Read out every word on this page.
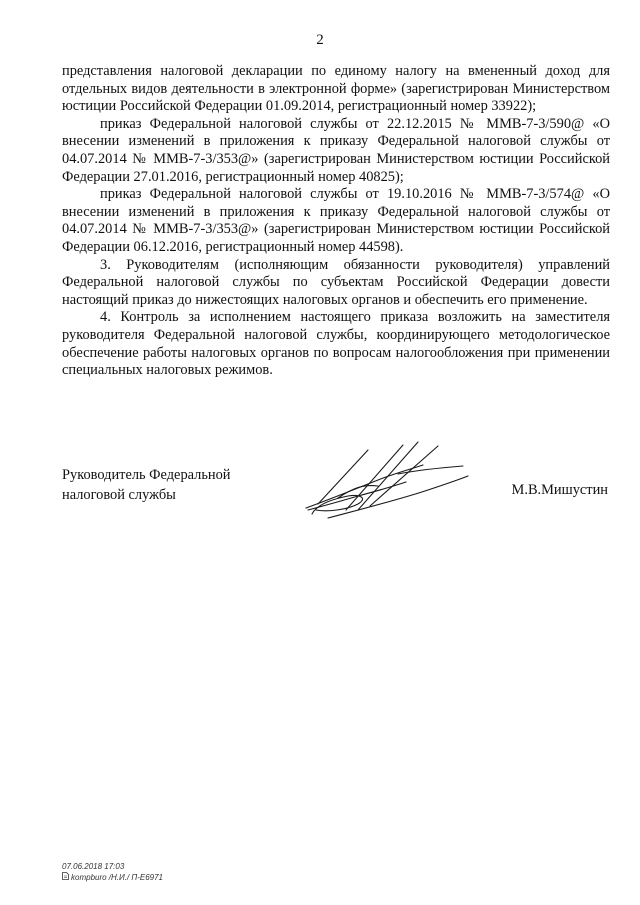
2

представления налоговой декларации по единому налогу на вмененный доход для отдельных видов деятельности в электронной форме» (зарегистрирован Министерством юстиции Российской Федерации 01.09.2014, регистрационный номер 33922);

приказ Федеральной налоговой службы от 22.12.2015 № ММВ-7-3/590@ «О внесении изменений в приложения к приказу Федеральной налоговой службы от 04.07.2014 № ММВ-7-3/353@» (зарегистрирован Министерством юстиции Российской Федерации 27.01.2016, регистрационный номер 40825);

приказ Федеральной налоговой службы от 19.10.2016 № ММВ-7-3/574@ «О внесении изменений в приложения к приказу Федеральной налоговой службы от 04.07.2014 № ММВ-7-3/353@» (зарегистрирован Министерством юстиции Российской Федерации 06.12.2016, регистрационный номер 44598).

3. Руководителям (исполняющим обязанности руководителя) управлений Федеральной налоговой службы по субъектам Российской Федерации довести настоящий приказ до нижестоящих налоговых органов и обеспечить его применение.

4. Контроль за исполнением настоящего приказа возложить на заместителя руководителя Федеральной налоговой службы, координирующего методологическое обеспечение работы налоговых органов по вопросам налогообложения при применении специальных налоговых режимов.

Руководитель Федеральной
налоговой службы	М.В.Мишустин
07.06.2018 17:03
kompburo /Н.И./ П-Е6971
